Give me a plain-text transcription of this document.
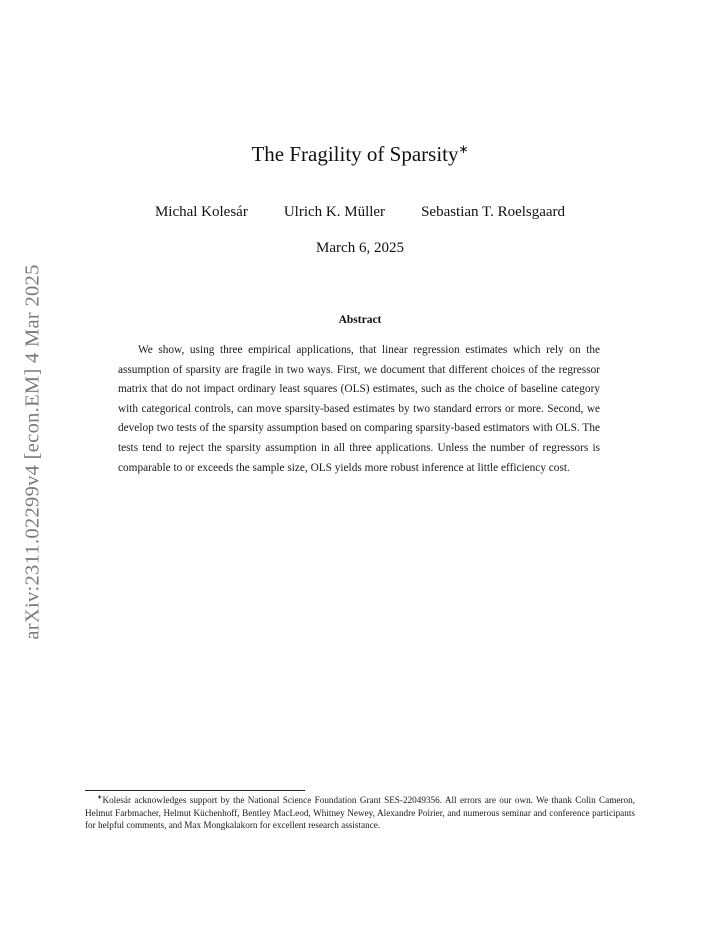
arXiv:2311.02299v4 [econ.EM] 4 Mar 2025
The Fragility of Sparsity∗
Michal Kolesár Ulrich K. Müller Sebastian T. Roelsgaard
March 6, 2025
Abstract

We show, using three empirical applications, that linear regression estimates which rely on the assumption of sparsity are fragile in two ways. First, we document that different choices of the regressor matrix that do not impact ordinary least squares (OLS) estimates, such as the choice of baseline category with categorical controls, can move sparsity-based estimates by two standard errors or more. Second, we develop two tests of the sparsity assumption based on comparing sparsity-based estimators with OLS. The tests tend to reject the sparsity assumption in all three applications. Unless the number of regressors is comparable to or exceeds the sample size, OLS yields more robust inference at little efficiency cost.

∗Kolesár acknowledges support by the National Science Foundation Grant SES-22049356. All errors are our own. We thank Colin Cameron, Helmut Farbmacher, Helmut Küchenhoff, Bentley MacLeod, Whitney Newey, Alexandre Poirier, and numerous seminar and conference participants for helpful comments, and Max Mongkalakorn for excellent research assistance.
